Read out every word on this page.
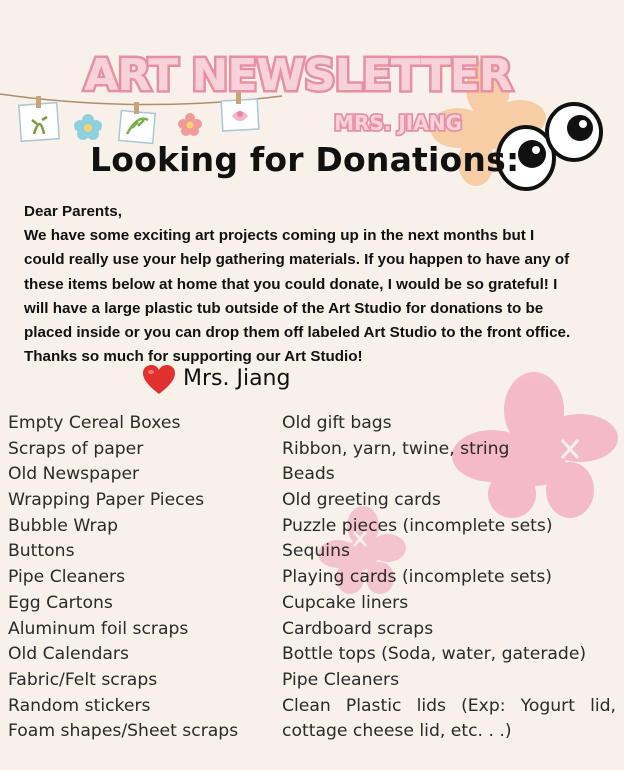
ART NEWSLETTER
MRS. JIANG
Looking for Donations:
Dear Parents,
We have some exciting art projects coming up in the next months but I could really use your help gathering materials. If you happen to have any of these items below at home that you could donate, I would be so grateful! I will have a large plastic tub outside of the Art Studio for donations to be placed inside or you can drop them off labeled Art Studio to the front office. Thanks so much for supporting our Art Studio!
Mrs. Jiang
Empty Cereal Boxes
Scraps of paper
Old Newspaper
Wrapping Paper Pieces
Bubble Wrap
Buttons
Pipe Cleaners
Egg Cartons
Aluminum foil scraps
Old Calendars
Fabric/Felt scraps
Random stickers
Foam shapes/Sheet scraps
Old gift bags
Ribbon, yarn, twine, string
Beads
Old greeting cards
Puzzle pieces (incomplete sets)
Sequins
Playing cards (incomplete sets)
Cupcake liners
Cardboard scraps
Bottle tops (Soda, water, gaterade)
Pipe Cleaners
Clean Plastic lids (Exp: Yogurt lid,
cottage cheese lid, etc. . .)
